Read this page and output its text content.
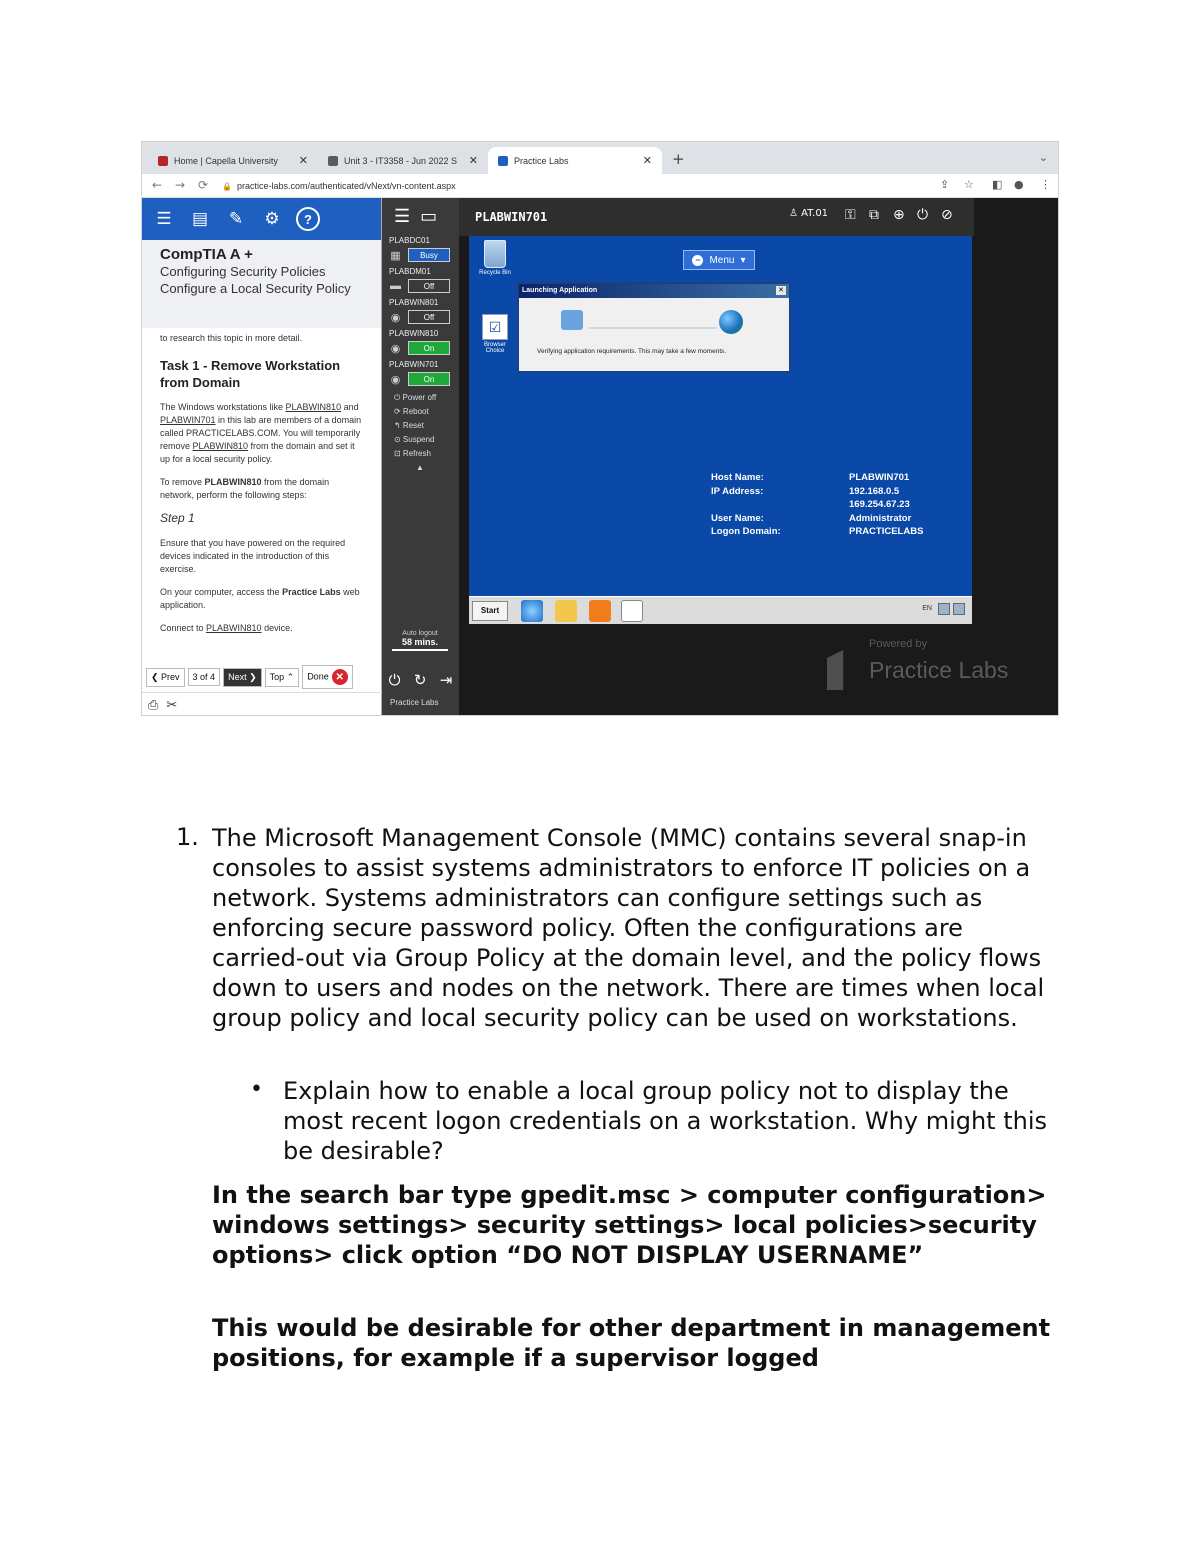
Home | Capella University ✕	Unit 3 - IT3358 - Jun 2022 S ✕	Practice Labs	✕ +	⌄
← → ⟳ 🔒 practice-labs.com/authenticated/vNext/vn-content.aspx	⇪ ☆ ◧ ● ⋮
☰ ▤ ✎ ⚙	?
CompTIA A +
Configuring Security Policies
Configure a Local Security Policy

to research this topic in more detail.

Task 1 - Remove Workstation from Domain

The Windows workstations like PLABWIN810 and PLABWIN701 in this lab are members of a domain called PRACTICELABS.COM. You will temporarily remove PLABWIN810 from the domain and set it up for a local security policy.

To remove PLABWIN810 from the domain network, perform the following steps:

Step 1

Ensure that you have powered on the required devices indicated in the introduction of this exercise.

On your computer, access the Practice Labs web application.

Connect to PLABWIN810 device.

❮ Prev	3 of 4	Next ❯	Top ⌃	Done ✕
⎙ ✂
☰ ▭
PLABDC01
▦	Busy
PLABDM01
▬	Off
PLABWIN801
◉	Off
PLABWIN810
◉	On
PLABWIN701
◉	On
⏻ Power off
⟳ Reboot
↰ Reset
⊙ Suspend
⊡ Refresh
▲
Auto logout
58 mins.
⏻ ↻ ⇥
Practice Labs
PLABWIN701	♙ AT.01 ⚿ ⧉ ⊕ ⏻ ⊘
Recycle Bin
☑
Browser Choice
− Menu ▾
Launching Application	✕
Verifying application requirements. This may take a few moments.
Host Name:	PLABWIN701
IP Address:	192.168.0.5
169.254.67.23
User Name:	Administrator
Logon Domain:	PRACTICELABS
Start	EN
Powered by
Practice Labs
1. The Microsoft Management Console (MMC) contains several snap-in consoles to assist systems administrators to enforce IT policies on a network. Systems administrators can configure settings such as enforcing secure password policy. Often the configurations are carried-out via Group Policy at the domain level, and the policy flows down to users and nodes on the network. There are times when local group policy and local security policy can be used on workstations.
• Explain how to enable a local group policy not to display the most recent logon credentials on a workstation. Why might this be desirable?
In the search bar type gpedit.msc > computer configuration> windows settings> security settings> local policies>security options> click option “DO NOT DISPLAY USERNAME”
This would be desirable for other department in management positions, for example if a supervisor logged
